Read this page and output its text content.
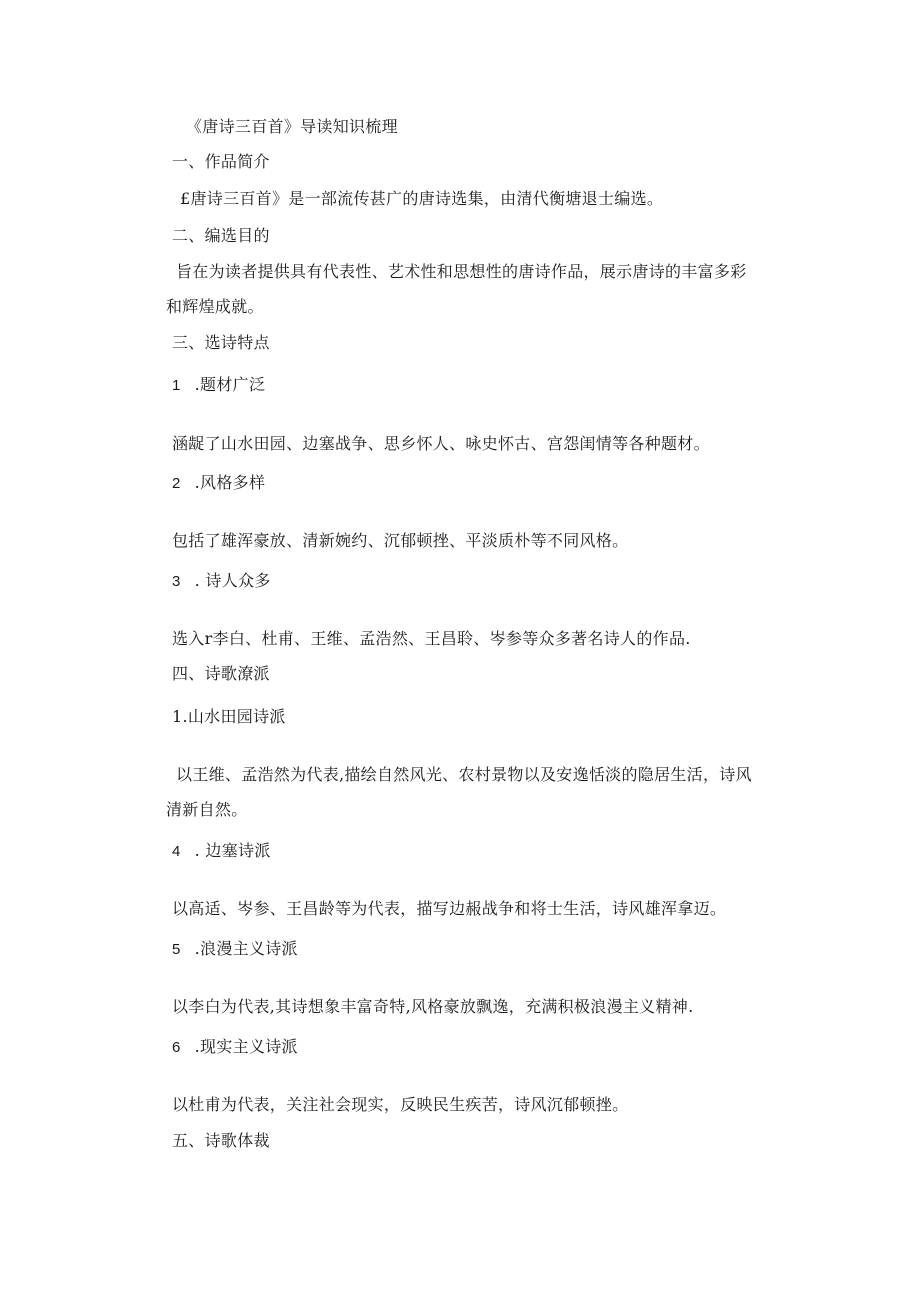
《唐诗三百首》导读知识梳理
一、作品简介
£唐诗三百首》是一部流传甚广的唐诗选集，由清代衡塘退士编选。
二、编选目的
旨在为读者提供具有代表性、艺术性和思想性的唐诗作品，展示唐诗的丰富多彩
和辉煌成就。
三、选诗特点
1 .题材广泛
涵龊了山水田园、边塞战争、思乡怀人、咏史怀古、宫怨闺情等各种题材。
2 .风格多样
包括了雄浑豪放、清新婉约、沉郁顿挫、平淡质朴等不同风格。
3 . 诗人众多
选入r李白、杜甫、王维、孟浩然、王昌聆、岑参等众多著名诗人的作品.
四、诗歌潦派
1.山水田园诗派
以王维、孟浩然为代表,描绘自然风光、农村景物以及安逸恬淡的隐居生活，诗风
清新自然。
4 . 边塞诗派
以高适、岑参、王昌龄等为代表，描写边赧战争和将士生活，诗风雄浑拿迈。
5 .浪漫主义诗派
以李白为代表,其诗想象丰富奇特,风格豪放飘逸，充满积极浪漫主义精神.
6 .现实主义诗派
以杜甫为代表，关注社会现实，反映民生疾苦，诗风沉郁顿挫。
五、诗歌体裁
